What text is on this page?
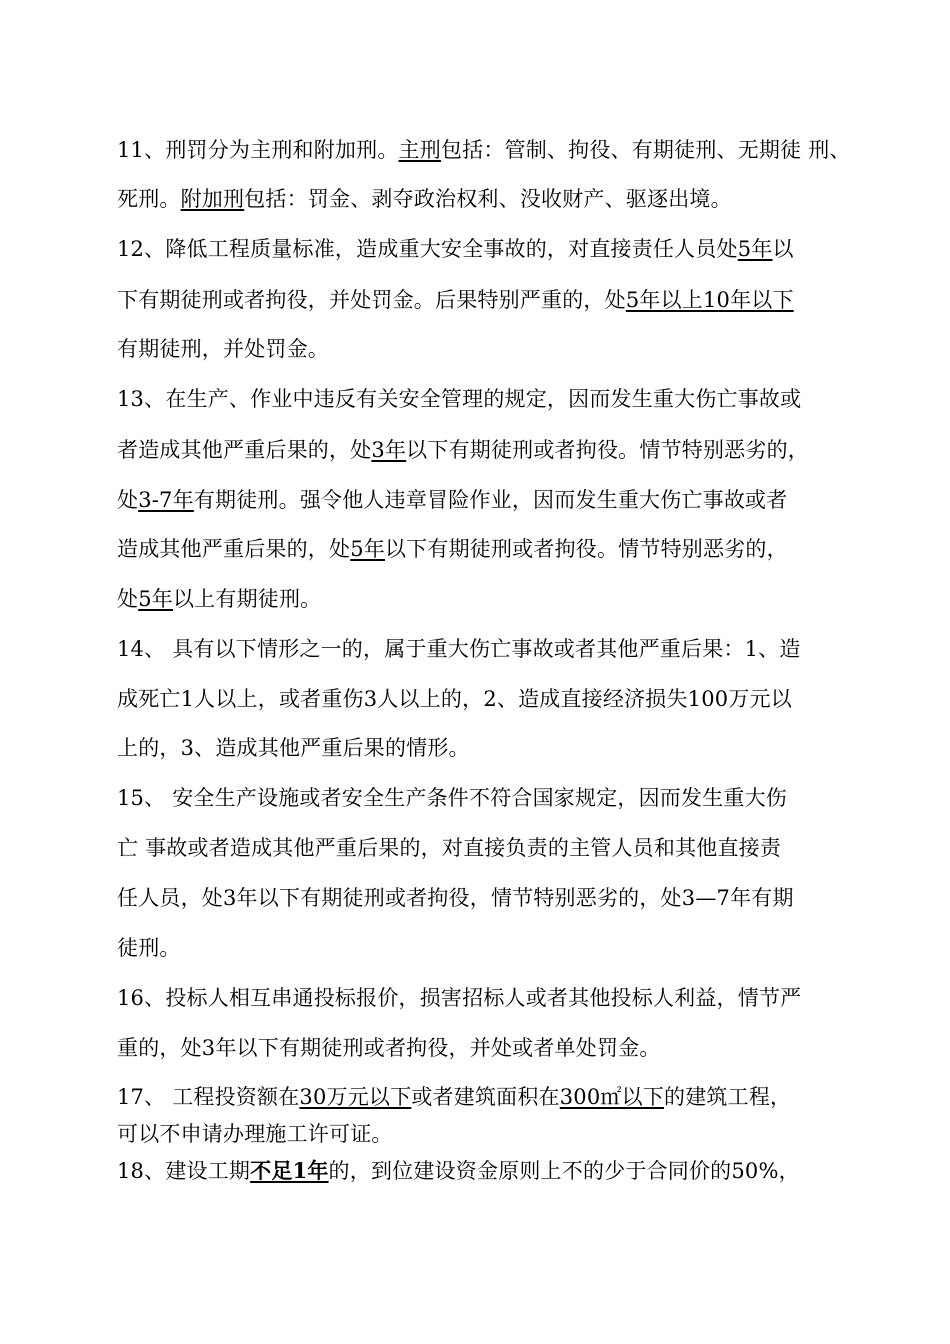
11、刑罚分为主刑和附加刑。主刑包括：管制、拘役、有期徒刑、无期徒 刑、
死刑。附加刑包括：罚金、剥夺政治权利、没收财产、驱逐出境。
12、降低工程质量标准，造成重大安全事故的，对直接责任人员处5年以
下有期徒刑或者拘役，并处罚金。后果特别严重的，处5年以上10年以下
有期徒刑，并处罚金。
13、在生产、作业中违反有关安全管理的规定，因而发生重大伤亡事故或
者造成其他严重后果的，处3年以下有期徒刑或者拘役。情节特别恶劣的，
处3-7年有期徒刑。强令他人违章冒险作业，因而发生重大伤亡事故或者
造成其他严重后果的，处5年以下有期徒刑或者拘役。情节特别恶劣的，
处5年以上有期徒刑。
14、 具有以下情形之一的，属于重大伤亡事故或者其他严重后果：1、造
成死亡1人以上，或者重伤3人以上的，2、造成直接经济损失100万元以
上的，3、造成其他严重后果的情形。
15、 安全生产设施或者安全生产条件不符合国家规定，因而发生重大伤
亡 事故或者造成其他严重后果的，对直接负责的主管人员和其他直接责
任人员，处3年以下有期徒刑或者拘役，情节特别恶劣的，处3—7年有期
徒刑。
16、投标人相互串通投标报价，损害招标人或者其他投标人利益，情节严
重的，处3年以下有期徒刑或者拘役，并处或者单处罚金。
17、 工程投资额在30万元以下或者建筑面积在300㎡以下的建筑工程，
可以不申请办理施工许可证。
18、建设工期不足1年的，到位建设资金原则上不的少于合同价的50%，
